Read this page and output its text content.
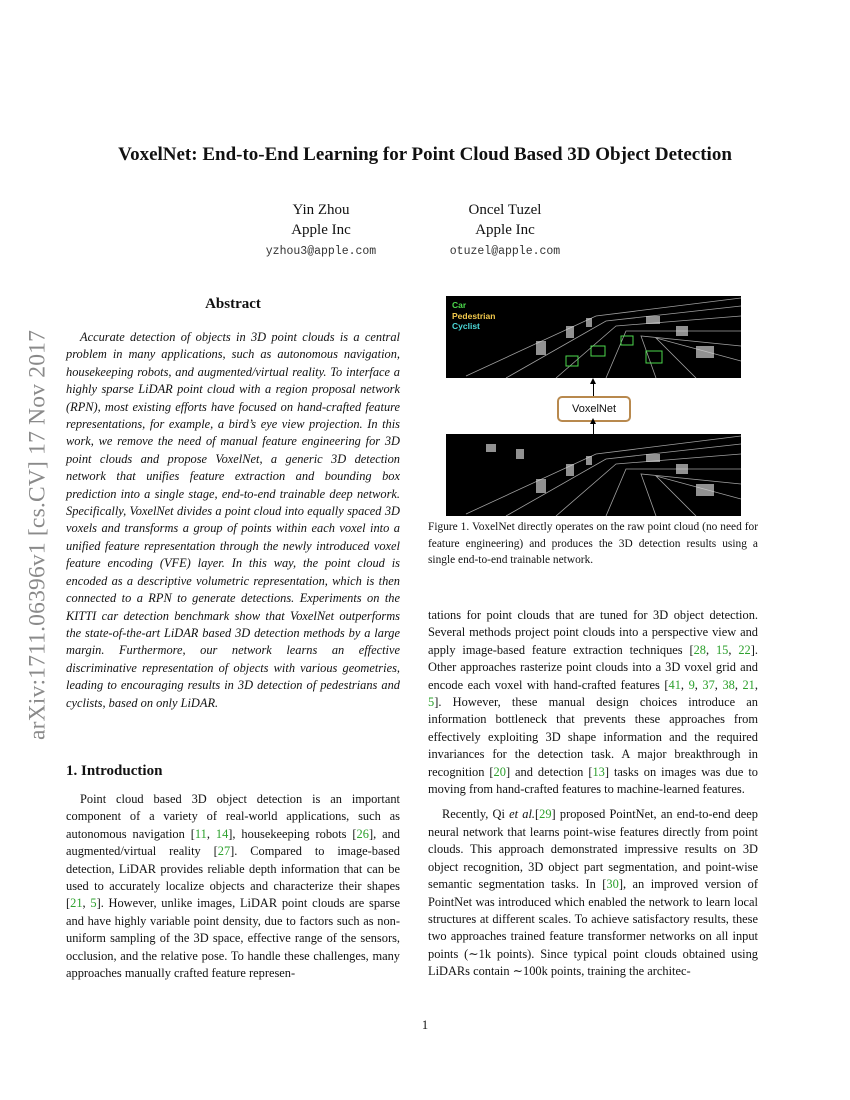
arXiv:1711.06396v1 [cs.CV] 17 Nov 2017
VoxelNet: End-to-End Learning for Point Cloud Based 3D Object Detection
Yin Zhou
Apple Inc
yzhou3@apple.com
Oncel Tuzel
Apple Inc
otuzel@apple.com
Abstract
Accurate detection of objects in 3D point clouds is a central problem in many applications, such as autonomous navigation, housekeeping robots, and augmented/virtual reality. To interface a highly sparse LiDAR point cloud with a region proposal network (RPN), most existing efforts have focused on hand-crafted feature representations, for example, a bird’s eye view projection. In this work, we remove the need of manual feature engineering for 3D point clouds and propose VoxelNet, a generic 3D detection network that unifies feature extraction and bounding box prediction into a single stage, end-to-end trainable deep network. Specifically, VoxelNet divides a point cloud into equally spaced 3D voxels and transforms a group of points within each voxel into a unified feature representation through the newly introduced voxel feature encoding (VFE) layer. In this way, the point cloud is encoded as a descriptive volumetric representation, which is then connected to a RPN to generate detections. Experiments on the KITTI car detection benchmark show that VoxelNet outperforms the state-of-the-art LiDAR based 3D detection methods by a large margin. Furthermore, our network learns an effective discriminative representation of objects with various geometries, leading to encouraging results in 3D detection of pedestrians and cyclists, based on only LiDAR.
1. Introduction
Point cloud based 3D object detection is an important component of a variety of real-world applications, such as autonomous navigation [11, 14], housekeeping robots [26], and augmented/virtual reality [27]. Compared to image-based detection, LiDAR provides reliable depth information that can be used to accurately localize objects and characterize their shapes [21, 5]. However, unlike images, LiDAR point clouds are sparse and have highly variable point density, due to factors such as non-uniform sampling of the 3D space, effective range of the sensors, occlusion, and the relative pose. To handle these challenges, many approaches manually crafted feature represen-
Car
Pedestrian
Cyclist
VoxelNet
Figure 1. VoxelNet directly operates on the raw point cloud (no need for feature engineering) and produces the 3D detection results using a single end-to-end trainable network.

tations for point clouds that are tuned for 3D object detection. Several methods project point clouds into a perspective view and apply image-based feature extraction techniques [28, 15, 22]. Other approaches rasterize point clouds into a 3D voxel grid and encode each voxel with hand-crafted features [41, 9, 37, 38, 21, 5]. However, these manual design choices introduce an information bottleneck that prevents these approaches from effectively exploiting 3D shape information and the required invariances for the detection task. A major breakthrough in recognition [20] and detection [13] tasks on images was due to moving from hand-crafted features to machine-learned features.

Recently, Qi et al.[29] proposed PointNet, an end-to-end deep neural network that learns point-wise features directly from point clouds. This approach demonstrated impressive results on 3D object recognition, 3D object part segmentation, and point-wise semantic segmentation tasks. In [30], an improved version of PointNet was introduced which enabled the network to learn local structures at different scales. To achieve satisfactory results, these two approaches trained feature transformer networks on all input points (∼1k points). Since typical point clouds obtained using LiDARs contain ∼100k points, training the architec-

1
